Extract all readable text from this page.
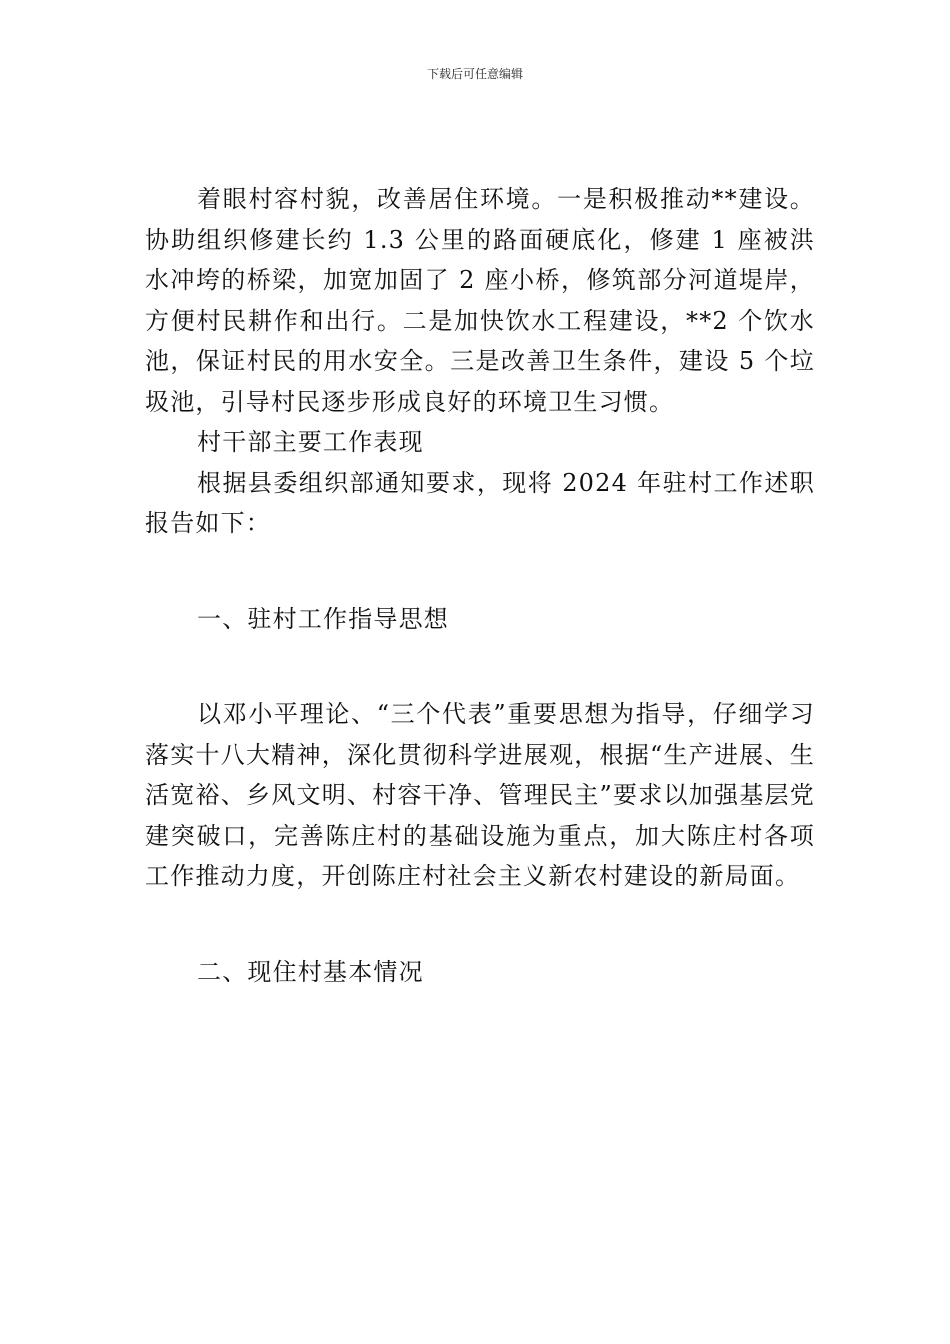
下载后可任意编辑

着眼村容村貌，改善居住环境。一是积极推动**建设。协助组织修建长约 1.3 公里的路面硬底化，修建 1 座被洪水冲垮的桥梁，加宽加固了 2 座小桥，修筑部分河道堤岸，方便村民耕作和出行。二是加快饮水工程建设，**2 个饮水池，保证村民的用水安全。三是改善卫生条件，建设 5 个垃圾池，引导村民逐步形成良好的环境卫生习惯。

村干部主要工作表现

根据县委组织部通知要求，现将 2024 年驻村工作述职报告如下：

一、驻村工作指导思想

以邓小平理论、“三个代表”重要思想为指导，仔细学习落实十八大精神，深化贯彻科学进展观，根据“生产进展、生活宽裕、乡风文明、村容干净、管理民主”要求以加强基层党建突破口，完善陈庄村的基础设施为重点，加大陈庄村各项工作推动力度，开创陈庄村社会主义新农村建设的新局面。

二、现住村基本情况
